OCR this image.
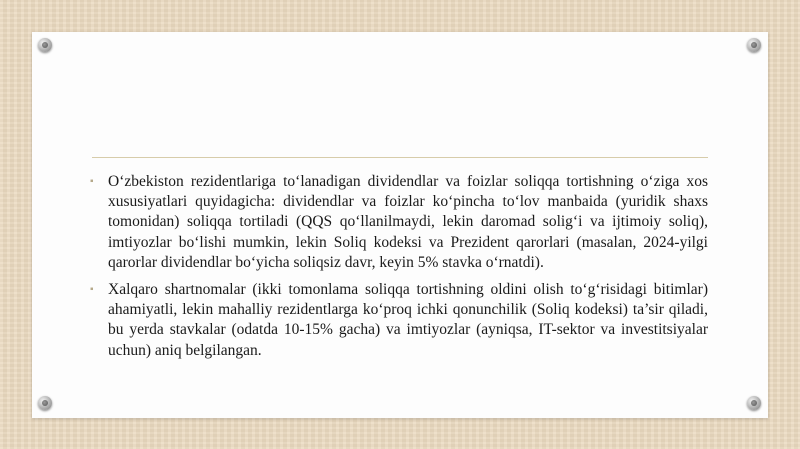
▪ O‘zbekiston rezidentlariga to‘lanadigan dividendlar va foizlar soliqqa tortishning o‘ziga xos xususiyatlari quyidagicha: dividendlar va foizlar ko‘pincha to‘lov manbaida (yuridik shaxs tomonidan) soliqqa tortiladi (QQS qo‘llanilmaydi, lekin daromad solig‘i va ijtimoiy soliq), imtiyozlar bo‘lishi mumkin, lekin Soliq kodeksi va Prezident qarorlari (masalan, 2024-yilgi qarorlar dividendlar bo‘yicha soliqsiz davr, keyin 5% stavka o‘rnatdi).
▪ Xalqaro shartnomalar (ikki tomonlama soliqqa tortishning oldini olish to‘g‘risidagi bitimlar) ahamiyatli, lekin mahalliy rezidentlarga ko‘proq ichki qonunchilik (Soliq kodeksi) ta’sir qiladi, bu yerda stavkalar (odatda 10-15% gacha) va imtiyozlar (ayniqsa, IT-sektor va investitsiyalar uchun) aniq belgilangan.
